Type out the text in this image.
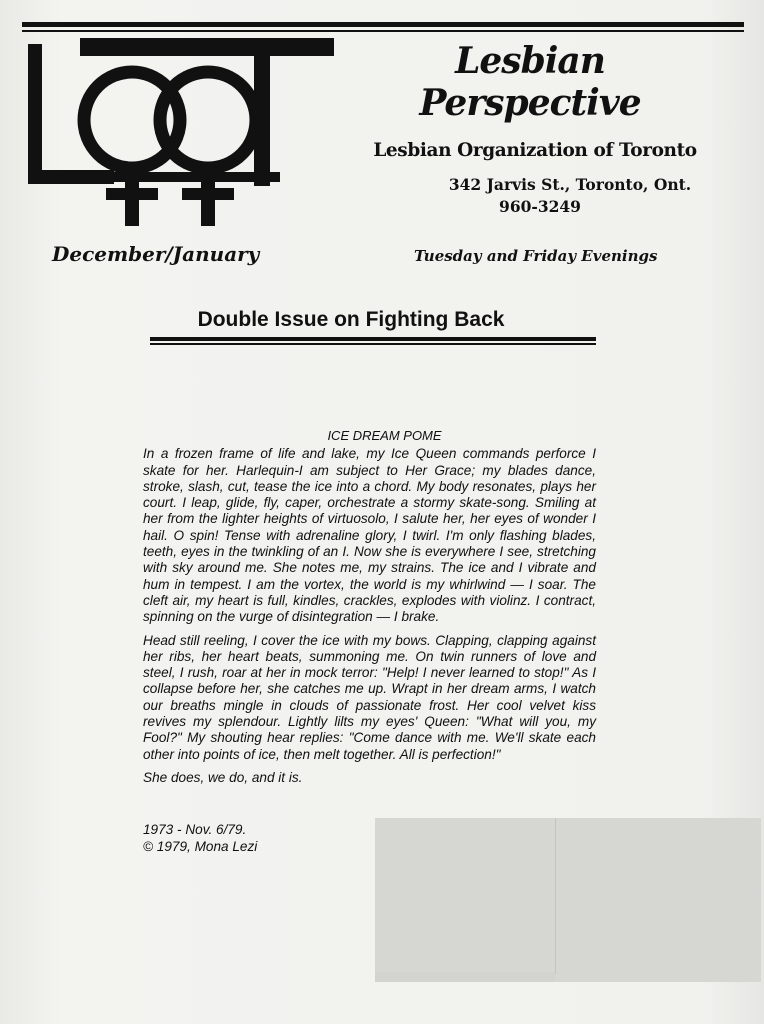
Lesbian
Perspective
Lesbian Organization of Toronto
342 Jarvis St., Toronto, Ont.
960-3249
December/January	Tuesday and Friday Evenings
Double Issue on Fighting Back
ICE DREAM POME

In a frozen frame of life and lake, my Ice Queen commands perforce I skate for her. Harlequin-I am subject to Her Grace; my blades dance, stroke, slash, cut, tease the ice into a chord. My body resonates, plays her court. I leap, glide, fly, caper, orchestrate a stormy skate-song. Smiling at her from the lighter heights of virtuosolo, I salute her, her eyes of wonder I hail. O spin! Tense with adrenaline glory, I twirl. I'm only flashing blades, teeth, eyes in the twinkling of an I. Now she is everywhere I see, stretching with sky around me. She notes me, my strains. The ice and I vibrate and hum in tempest. I am the vortex, the world is my whirlwind — I soar. The cleft air, my heart is full, kindles, crackles, explodes with violinz. I contract, spinning on the vurge of disintegration — I brake.

Head still reeling, I cover the ice with my bows. Clapping, clapping against her ribs, her heart beats, summoning me. On twin runners of love and steel, I rush, roar at her in mock terror: "Help! I never learned to stop!" As I collapse before her, she catches me up. Wrapt in her dream arms, I watch our breaths mingle in clouds of passionate frost. Her cool velvet kiss revives my splendour. Lightly lilts my eyes' Queen: "What will you, my Fool?" My shouting hear replies: "Come dance with me. We'll skate each other into points of ice, then melt together. All is perfection!"

She does, we do, and it is.

1973 - Nov. 6/79.

© 1979, Mona Lezi
